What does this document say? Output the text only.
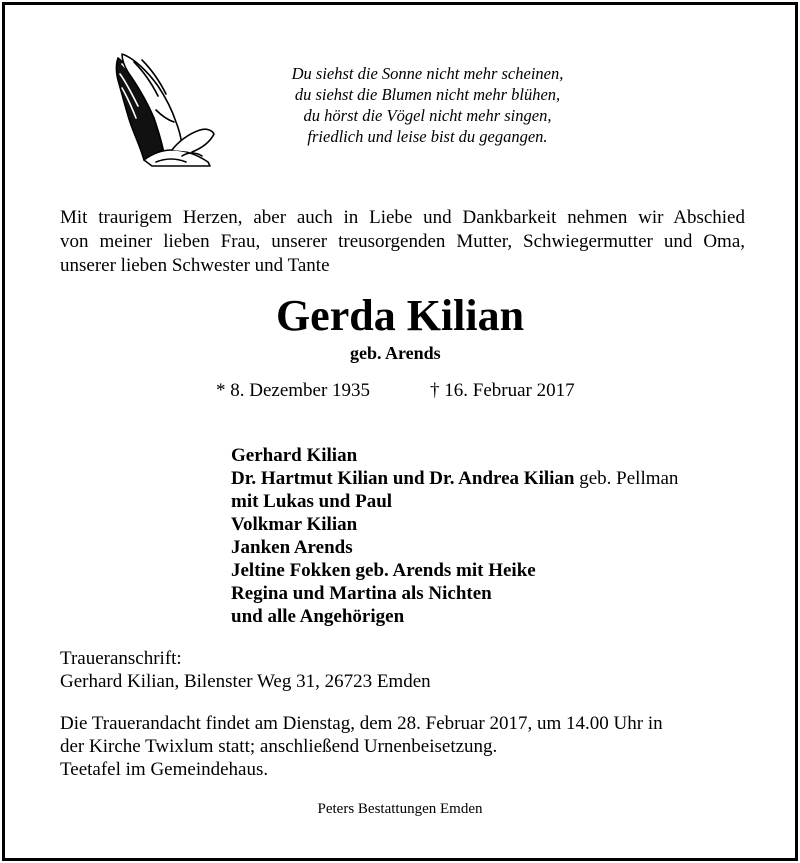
Du siehst die Sonne nicht mehr scheinen,
du siehst die Blumen nicht mehr blühen,
du hörst die Vögel nicht mehr singen,
friedlich und leise bist du gegangen.
Mit traurigem Herzen, aber auch in Liebe und Dankbarkeit nehmen wir Abschied
von meiner lieben Frau, unserer treusorgenden Mutter, Schwiegermutter und Oma,
unserer lieben Schwester und Tante
Gerda Kilian
geb. Arends
* 8. Dezember 1935	† 16. Februar 2017
Gerhard Kilian
Dr. Hartmut Kilian und Dr. Andrea Kilian geb. Pellman
mit Lukas und Paul
Volkmar Kilian
Janken Arends
Jeltine Fokken geb. Arends mit Heike
Regina und Martina als Nichten
und alle Angehörigen
Traueranschrift:
Gerhard Kilian, Bilenster Weg 31, 26723 Emden
Die Trauerandacht findet am Dienstag, dem 28. Februar 2017, um 14.00 Uhr in
der Kirche Twixlum statt; anschließend Urnenbeisetzung.
Teetafel im Gemeindehaus.
Peters Bestattungen Emden
